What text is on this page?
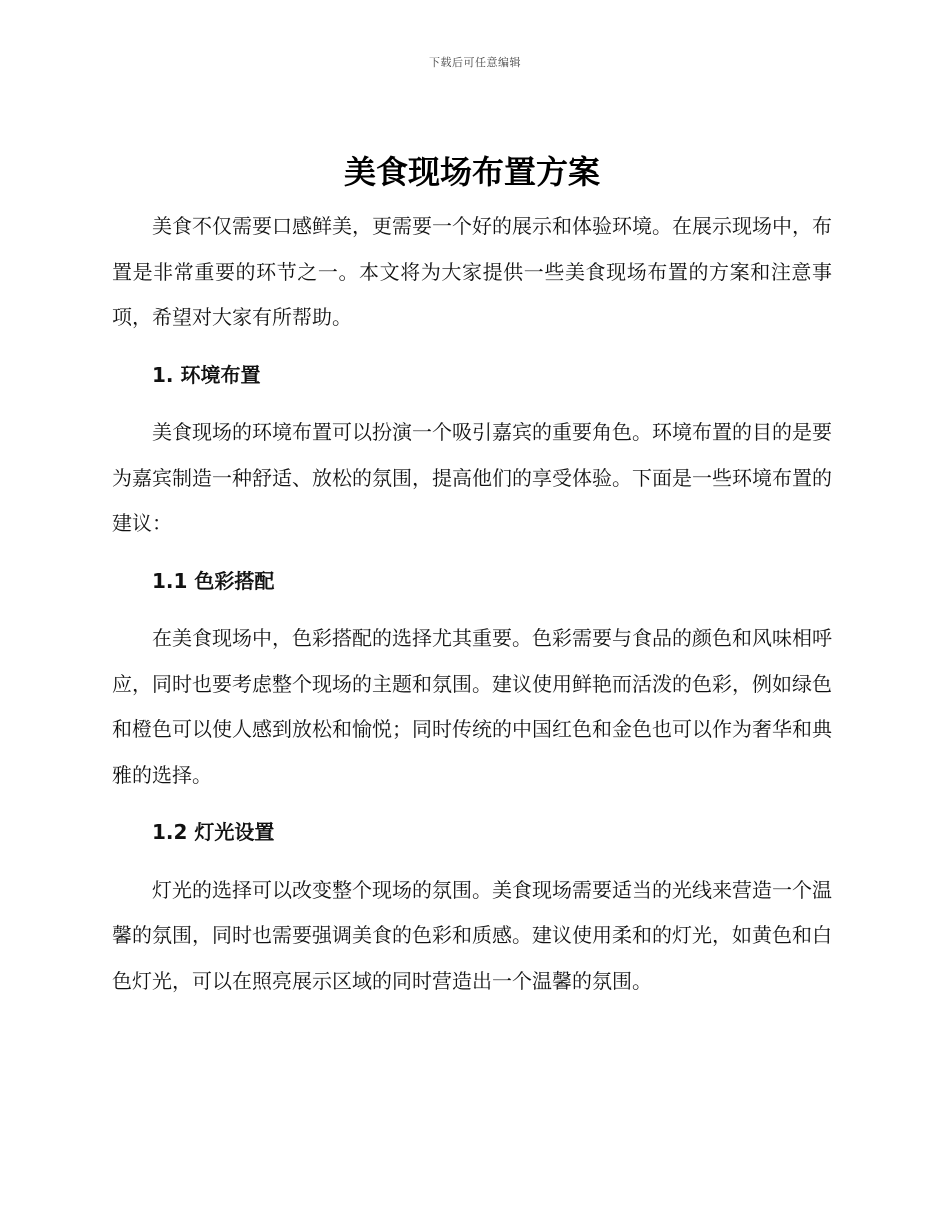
下载后可任意编辑
美食现场布置方案

美食不仅需要口感鲜美，更需要一个好的展示和体验环境。在展示现场中，布置是非常重要的环节之一。本文将为大家提供一些美食现场布置的方案和注意事项，希望对大家有所帮助。

1. 环境布置

美食现场的环境布置可以扮演一个吸引嘉宾的重要角色。环境布置的目的是要为嘉宾制造一种舒适、放松的氛围，提高他们的享受体验。下面是一些环境布置的建议：

1.1 色彩搭配

在美食现场中，色彩搭配的选择尤其重要。色彩需要与食品的颜色和风味相呼应，同时也要考虑整个现场的主题和氛围。建议使用鲜艳而活泼的色彩，例如绿色和橙色可以使人感到放松和愉悦；同时传统的中国红色和金色也可以作为奢华和典雅的选择。

1.2 灯光设置

灯光的选择可以改变整个现场的氛围。美食现场需要适当的光线来营造一个温馨的氛围，同时也需要强调美食的色彩和质感。建议使用柔和的灯光，如黄色和白色灯光，可以在照亮展示区域的同时营造出一个温馨的氛围。
